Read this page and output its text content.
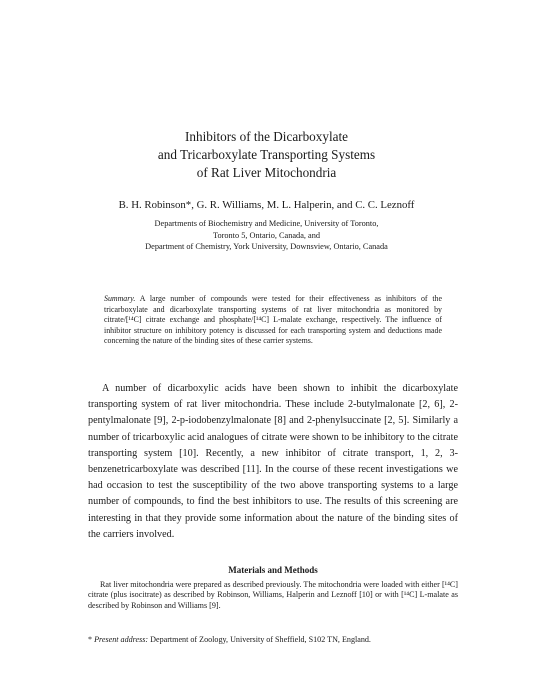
Inhibitors of the Dicarboxylate
and Tricarboxylate Transporting Systems
of Rat Liver Mitochondria
B. H. Robinson*, G. R. Williams, M. L. Halperin, and C. C. Leznoff
Departments of Biochemistry and Medicine, University of Toronto,
Toronto 5, Ontario, Canada, and
Department of Chemistry, York University, Downsview, Ontario, Canada
Summary. A large number of compounds were tested for their effectiveness as inhibitors of the tricarboxylate and dicarboxylate transporting systems of rat liver mitochondria as monitored by citrate/[¹⁴C] citrate exchange and phosphate/[¹⁴C] L-malate exchange, respectively. The influence of inhibitor structure on inhibitory potency is discussed for each transporting system and deductions made concerning the nature of the binding sites of these carrier systems.

A number of dicarboxylic acids have been shown to inhibit the dicarboxylate transporting system of rat liver mitochondria. These include 2-butylmalonate [2, 6], 2-pentylmalonate [9], 2-p-iodobenzylmalonate [8] and 2-phenylsuccinate [2, 5]. Similarly a number of tricarboxylic acid analogues of citrate were shown to be inhibitory to the citrate transporting system [10]. Recently, a new inhibitor of citrate transport, 1, 2, 3-benzenetricarboxylate was described [11]. In the course of these recent investigations we had occasion to test the susceptibility of the two above transporting systems to a large number of compounds, to find the best inhibitors to use. The results of this screening are interesting in that they provide some information about the nature of the binding sites of the carriers involved.

Materials and Methods

Rat liver mitochondria were prepared as described previously. The mitochondria were loaded with either [¹⁴C] citrate (plus isocitrate) as described by Robinson, Williams, Halperin and Leznoff [10] or with [¹⁴C] L-malate as described by Robinson and Williams [9].

* Present address: Department of Zoology, University of Sheffield, S102 TN, England.
